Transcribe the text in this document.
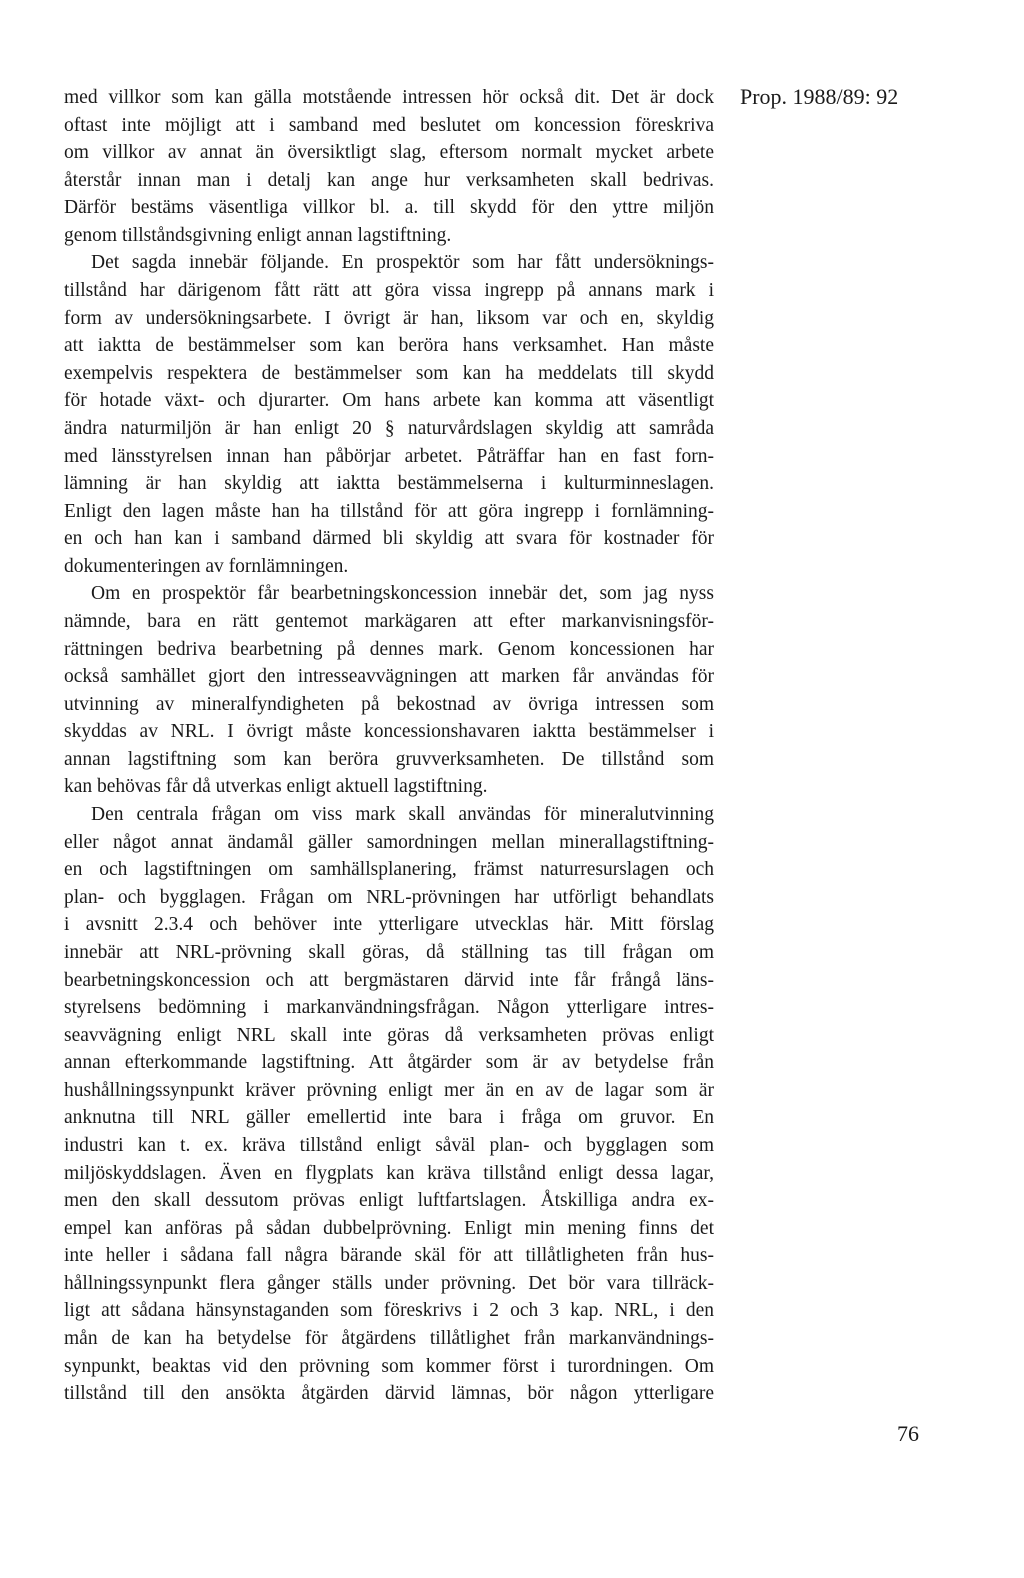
Prop. 1988/89: 92
med villkor som kan gälla motstående intressen hör också dit. Det är dock
oftast inte möjligt att i samband med beslutet om koncession föreskriva
om villkor av annat än översiktligt slag, eftersom normalt mycket arbete
återstår innan man i detalj kan ange hur verksamheten skall bedrivas.
Därför bestäms väsentliga villkor bl. a. till skydd för den yttre miljön
genom tillståndsgivning enligt annan lagstiftning.
Det sagda innebär följande. En prospektör som har fått undersöknings-
tillstånd har därigenom fått rätt att göra vissa ingrepp på annans mark i
form av undersökningsarbete. I övrigt är han, liksom var och en, skyldig
att iaktta de bestämmelser som kan beröra hans verksamhet. Han måste
exempelvis respektera de bestämmelser som kan ha meddelats till skydd
för hotade växt- och djurarter. Om hans arbete kan komma att väsentligt
ändra naturmiljön är han enligt 20 § naturvårdslagen skyldig att samråda
med länsstyrelsen innan han påbörjar arbetet. Påträffar han en fast forn-
lämning är han skyldig att iaktta bestämmelserna i kulturminneslagen.
Enligt den lagen måste han ha tillstånd för att göra ingrepp i fornlämning-
en och han kan i samband därmed bli skyldig att svara för kostnader för
dokumenteringen av fornlämningen.
Om en prospektör får bearbetningskoncession innebär det, som jag nyss
nämnde, bara en rätt gentemot markägaren att efter markanvisningsför-
rättningen bedriva bearbetning på dennes mark. Genom koncessionen har
också samhället gjort den intresseavvägningen att marken får användas för
utvinning av mineralfyndigheten på bekostnad av övriga intressen som
skyddas av NRL. I övrigt måste koncessionshavaren iaktta bestämmelser i
annan lagstiftning som kan beröra gruvverksamheten. De tillstånd som
kan behövas får då utverkas enligt aktuell lagstiftning.
Den centrala frågan om viss mark skall användas för mineralutvinning
eller något annat ändamål gäller samordningen mellan minerallagstiftning-
en och lagstiftningen om samhällsplanering, främst naturresurslagen och
plan- och bygglagen. Frågan om NRL-prövningen har utförligt behandlats
i avsnitt 2.3.4 och behöver inte ytterligare utvecklas här. Mitt förslag
innebär att NRL-prövning skall göras, då ställning tas till frågan om
bearbetningskoncession och att bergmästaren därvid inte får frångå läns-
styrelsens bedömning i markanvändningsfrågan. Någon ytterligare intres-
seavvägning enligt NRL skall inte göras då verksamheten prövas enligt
annan efterkommande lagstiftning. Att åtgärder som är av betydelse från
hushållningssynpunkt kräver prövning enligt mer än en av de lagar som är
anknutna till NRL gäller emellertid inte bara i fråga om gruvor. En
industri kan t. ex. kräva tillstånd enligt såväl plan- och bygglagen som
miljöskyddslagen. Även en flygplats kan kräva tillstånd enligt dessa lagar,
men den skall dessutom prövas enligt luftfartslagen. Åtskilliga andra ex-
empel kan anföras på sådan dubbelprövning. Enligt min mening finns det
inte heller i sådana fall några bärande skäl för att tillåtligheten från hus-
hållningssynpunkt flera gånger ställs under prövning. Det bör vara tillräck-
ligt att sådana hänsynstaganden som föreskrivs i 2 och 3 kap. NRL, i den
mån de kan ha betydelse för åtgärdens tillåtlighet från markanvändnings-
synpunkt, beaktas vid den prövning som kommer först i turordningen. Om
tillstånd till den ansökta åtgärden därvid lämnas, bör någon ytterligare
76
